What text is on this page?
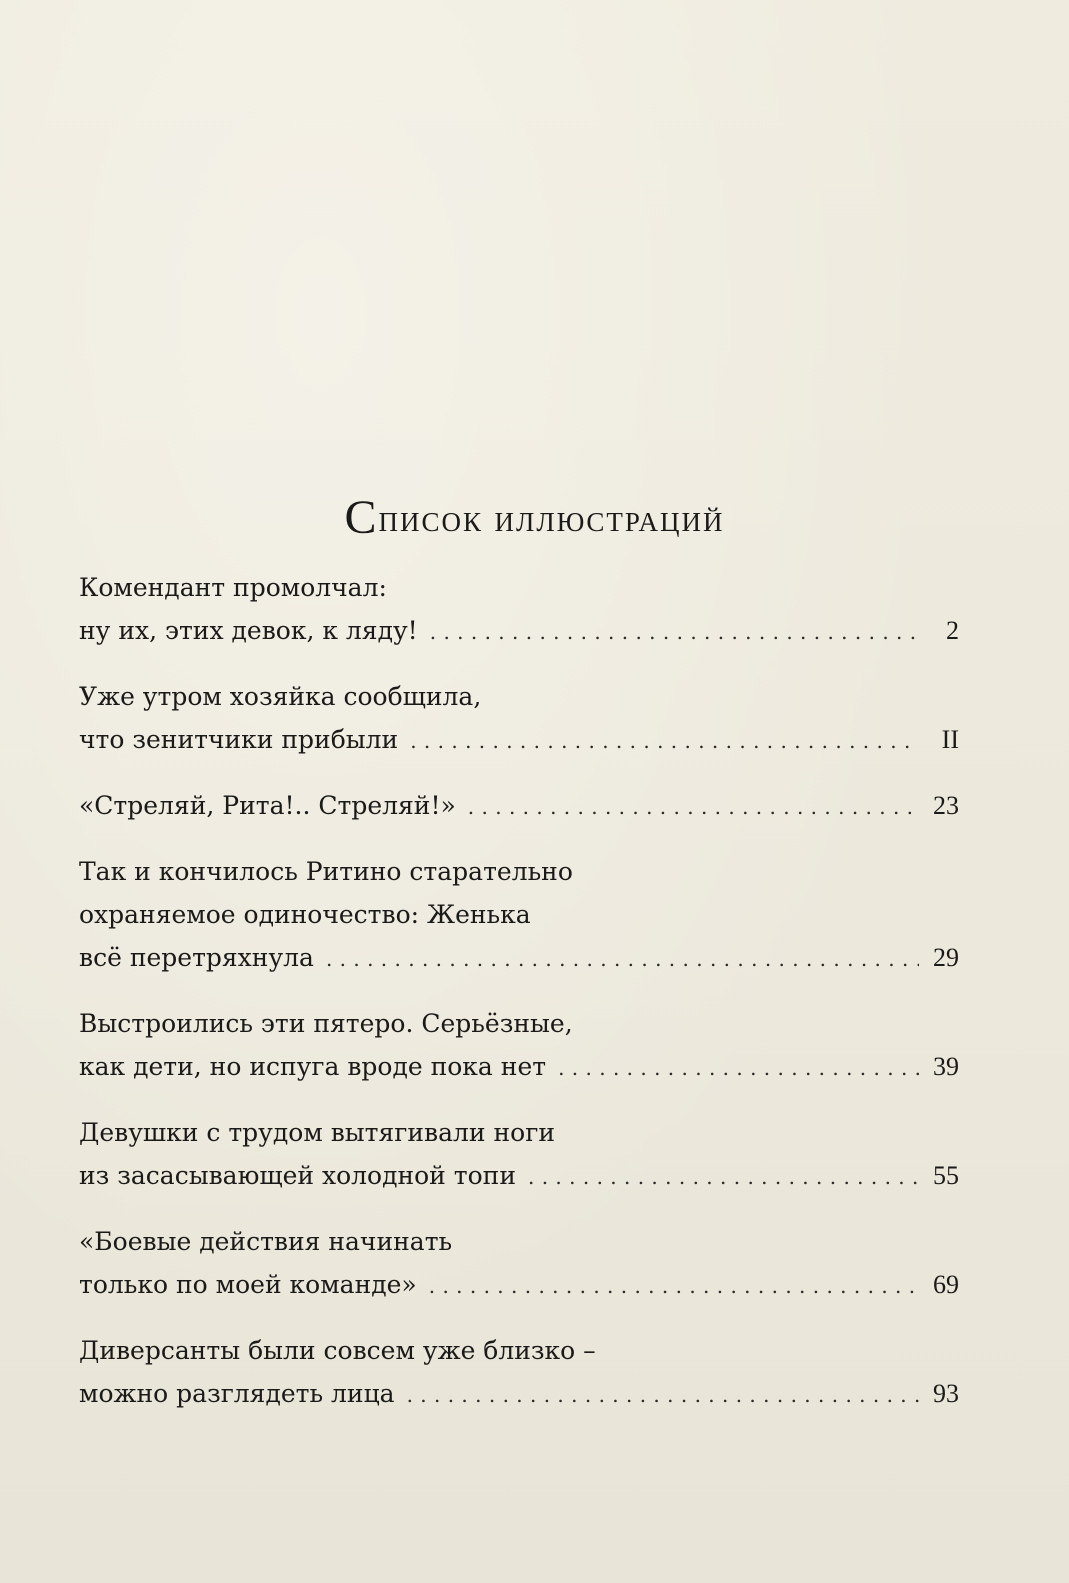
Список иллюстраций
Комендант промолчал:
ну их, этих девок, к ляду! . . .	2
Уже утром хозяйка сообщила,
что зенитчики прибыли . . .	II
«Стреляй, Рита!.. Стреляй!» . . .	23
Так и кончилось Ритино старательно
охраняемое одиночество: Женька
всё перетряхнула . . .	29
Выстроились эти пятеро. Серьёзные,
как дети, но испуга вроде пока нет . . .	39
Девушки с трудом вытягивали ноги
из засасывающей холодной топи . . .	55
«Боевые действия начинать
только по моей команде» . . .	69
Диверсанты были совсем уже близко –
можно разглядеть лица . . .	93
